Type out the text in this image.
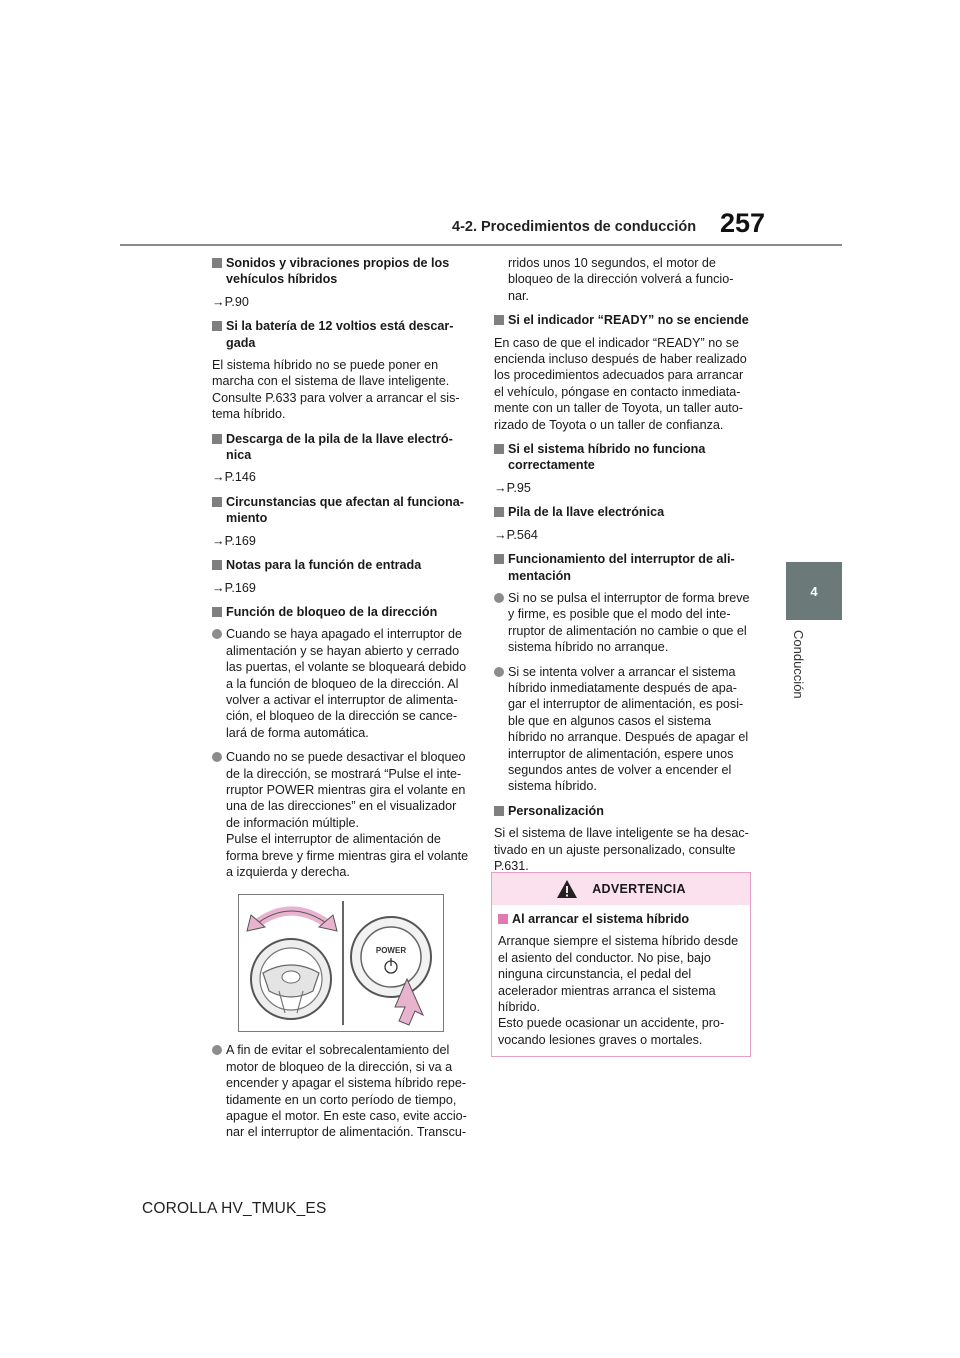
257
4-2. Procedimientos de conducción
4
Conducción
Sonidos y vibraciones propios de los vehículos híbridos
→P.90
Si la batería de 12 voltios está descar-gada
El sistema híbrido no se puede poner en marcha con el sistema de llave inteligente. Consulte P.633 para volver a arrancar el sis-tema híbrido.
Descarga de la pila de la llave electró-nica
→P.146
Circunstancias que afectan al funciona-miento
→P.169
Notas para la función de entrada
→P.169
Función de bloqueo de la dirección
Cuando se haya apagado el interruptor de alimentación y se hayan abierto y cerrado las puertas, el volante se bloqueará debido a la función de bloqueo de la dirección. Al volver a activar el interruptor de alimenta-ción, el bloqueo de la dirección se cance-lará de forma automática.
Cuando no se puede desactivar el bloqueo de la dirección, se mostrará “Pulse el inte-rruptor POWER mientras gira el volante en una de las direcciones” en el visualizador de información múltiple.
Pulse el interruptor de alimentación de forma breve y firme mientras gira el volante a izquierda y derecha.
POWER
A fin de evitar el sobrecalentamiento del motor de bloqueo de la dirección, si va a encender y apagar el sistema híbrido repe-tidamente en un corto período de tiempo, apague el motor. En este caso, evite accio-nar el interruptor de alimentación. Transcu-
rridos unos 10 segundos, el motor de bloqueo de la dirección volverá a funcio-nar.
Si el indicador “READY” no se enciende
En caso de que el indicador “READY” no se encienda incluso después de haber realizado los procedimientos adecuados para arrancar el vehículo, póngase en contacto inmediata-mente con un taller de Toyota, un taller auto-rizado de Toyota o un taller de confianza.
Si el sistema híbrido no funciona correctamente
→P.95
Pila de la llave electrónica
→P.564
Funcionamiento del interruptor de ali-mentación
Si no se pulsa el interruptor de forma breve y firme, es posible que el modo del inte-rruptor de alimentación no cambie o que el sistema híbrido no arranque.
Si se intenta volver a arrancar el sistema híbrido inmediatamente después de apa-gar el interruptor de alimentación, es posi-ble que en algunos casos el sistema híbrido no arranque. Después de apagar el interruptor de alimentación, espere unos segundos antes de volver a encender el sistema híbrido.
Personalización
Si el sistema de llave inteligente se ha desac-tivado en un ajuste personalizado, consulte P.631.
ADVERTENCIA
Al arrancar el sistema híbrido
Arranque siempre el sistema híbrido desde el asiento del conductor. No pise, bajo ninguna circunstancia, el pedal del acelerador mientras arranca el sistema híbrido.
Esto puede ocasionar un accidente, pro-vocando lesiones graves o mortales.
COROLLA HV_TMUK_ES
